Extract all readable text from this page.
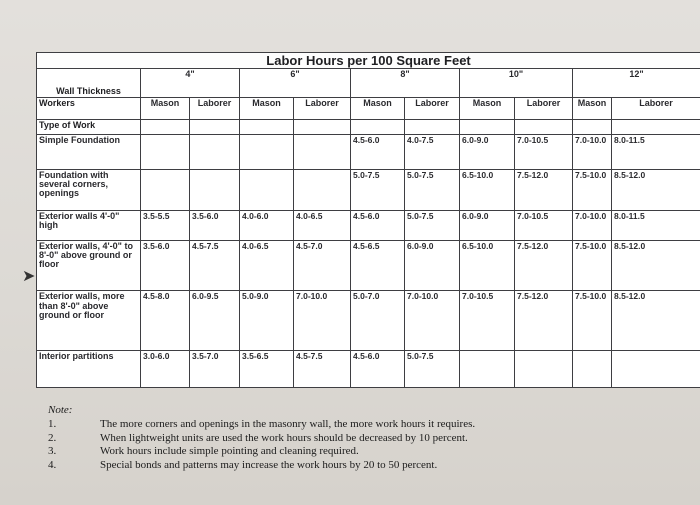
Labor Hours per 100 Square Feet										
Wall Thickness	4"		6"		8"		10"		12"	
Workers	Mason	Laborer	Mason	Laborer	Mason	Laborer	Mason	Laborer	Mason	Laborer
Type of Work										
Simple Foundation					4.5-6.0	4.0-7.5	6.0-9.0	7.0-10.5	7.0-10.0	8.0-11.5
Foundation with several corners, openings					5.0-7.5	5.0-7.5	6.5-10.0	7.5-12.0	7.5-10.0	8.5-12.0
Exterior walls 4'-0" high	3.5-5.5	3.5-6.0	4.0-6.0	4.0-6.5	4.5-6.0	5.0-7.5	6.0-9.0	7.0-10.5	7.0-10.0	8.0-11.5
Exterior walls, 4'-0" to 8'-0" above ground or floor	3.5-6.0	4.5-7.5	4.0-6.5	4.5-7.0	4.5-6.5	6.0-9.0	6.5-10.0	7.5-12.0	7.5-10.0	8.5-12.0
Exterior walls, more than 8'-0" above ground or floor	4.5-8.0	6.0-9.5	5.0-9.0	7.0-10.0	5.0-7.0	7.0-10.0	7.0-10.5	7.5-12.0	7.5-10.0	8.5-12.0
Interior partitions	3.0-6.0	3.5-7.0	3.5-6.5	4.5-7.5	4.5-6.0	5.0-7.5				
➤
Note:
1.	The more corners and openings in the masonry wall, the more work hours it requires.
2.	When lightweight units are used the work hours should be decreased by 10 percent.
3.	Work hours include simple pointing and cleaning required.
4.	Special bonds and patterns may increase the work hours by 20 to 50 percent.
